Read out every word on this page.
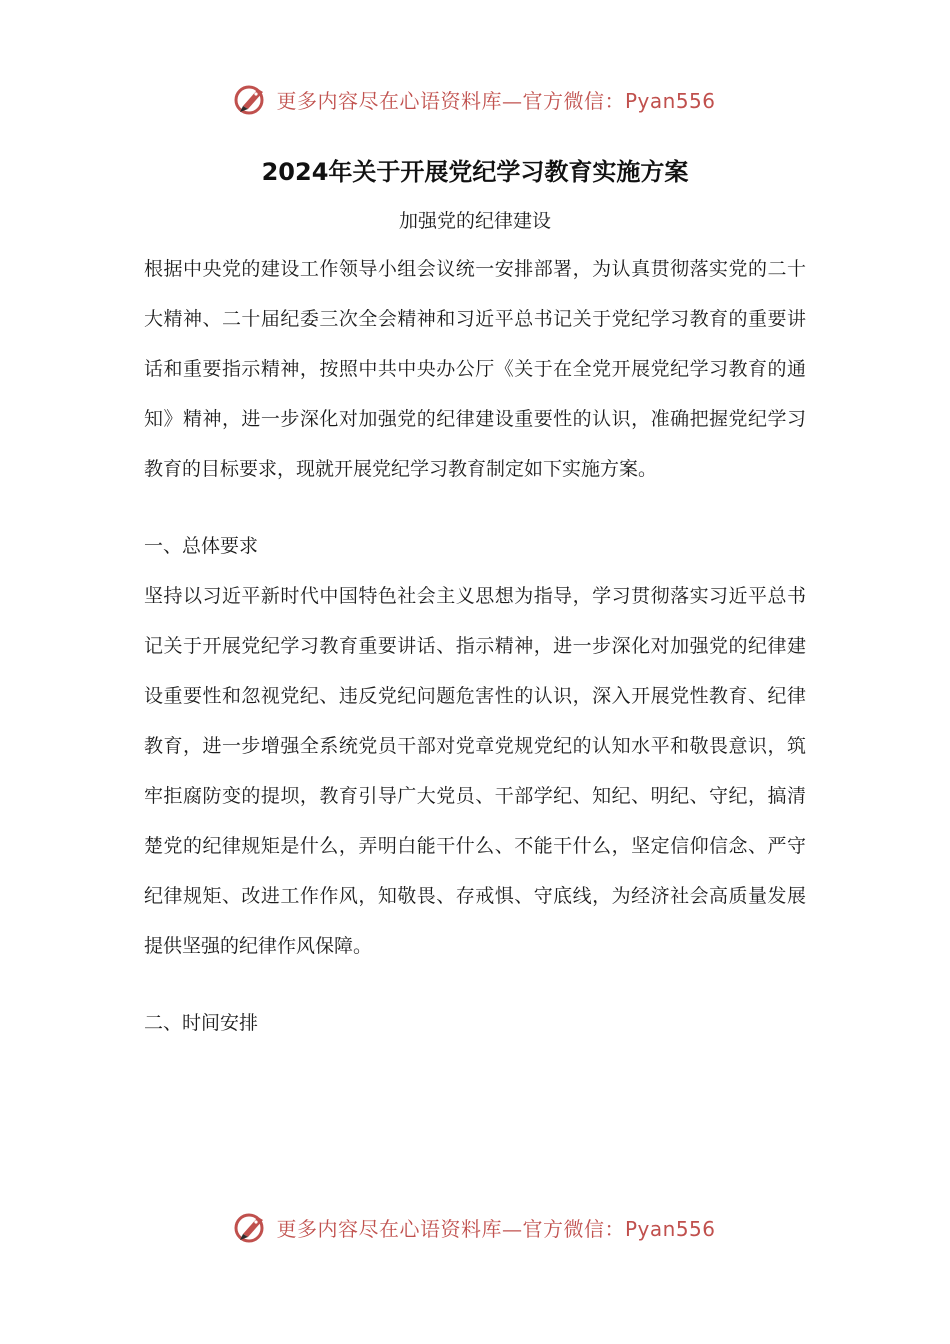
更多内容尽在心语资料库—官方微信：Pyan556
2024年关于开展党纪学习教育实施方案

加强党的纪律建设

根据中央党的建设工作领导小组会议统一安排部署，为认真贯彻落实党的二十大精神、二十届纪委三次全会精神和习近平总书记关于党纪学习教育的重要讲话和重要指示精神，按照中共中央办公厅《关于在全党开展党纪学习教育的通知》精神，进一步深化对加强党的纪律建设重要性的认识，准确把握党纪学习教育的目标要求，现就开展党纪学习教育制定如下实施方案。

一、总体要求

坚持以习近平新时代中国特色社会主义思想为指导，学习贯彻落实习近平总书记关于开展党纪学习教育重要讲话、指示精神，进一步深化对加强党的纪律建设重要性和忽视党纪、违反党纪问题危害性的认识，深入开展党性教育、纪律教育，进一步增强全系统党员干部对党章党规党纪的认知水平和敬畏意识，筑牢拒腐防变的提坝，教育引导广大党员、干部学纪、知纪、明纪、守纪，搞清楚党的纪律规矩是什么，弄明白能干什么、不能干什么，坚定信仰信念、严守纪律规矩、改进工作作风，知敬畏、存戒惧、守底线，为经济社会高质量发展提供坚强的纪律作风保障。

二、时间安排

更多内容尽在心语资料库—官方微信：Pyan556
